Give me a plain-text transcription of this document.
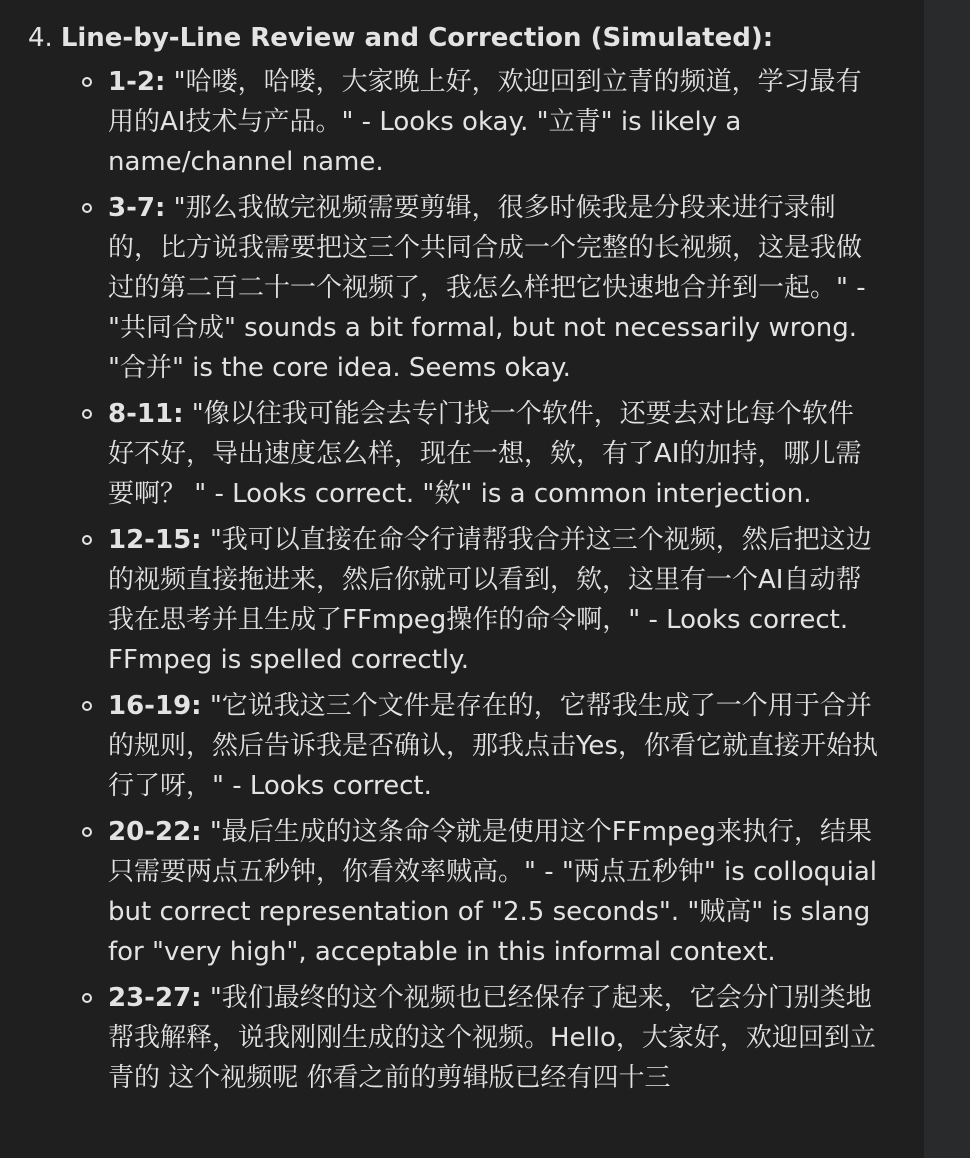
4. Line-by-Line Review and Correction (Simulated):
1-2: "哈喽，哈喽，大家晚上好，欢迎回到立青的频道，学习最有用的AI技术与产品。" - Looks okay. "立青" is likely a name/channel name.
3-7: "那么我做完视频需要剪辑，很多时候我是分段来进行录制的，比方说我需要把这三个共同合成一个完整的长视频，这是我做过的第二百二十一个视频了，我怎么样把它快速地合并到一起。" - "共同合成" sounds a bit formal, but not necessarily wrong. "合并" is the core idea. Seems okay.
8-11: "像以往我可能会去专门找一个软件，还要去对比每个软件好不好，导出速度怎么样，现在一想，欸，有了AI的加持，哪儿需要啊？ " - Looks correct. "欸" is a common interjection.
12-15: "我可以直接在命令行请帮我合并这三个视频，然后把这边的视频直接拖进来，然后你就可以看到，欸，这里有一个AI自动帮我在思考并且生成了FFmpeg操作的命令啊，" - Looks correct. FFmpeg is spelled correctly.
16-19: "它说我这三个文件是存在的，它帮我生成了一个用于合并的规则，然后告诉我是否确认，那我点击Yes，你看它就直接开始执行了呀，" - Looks correct.
20-22: "最后生成的这条命令就是使用这个FFmpeg来执行，结果只需要两点五秒钟，你看效率贼高。" - "两点五秒钟" is colloquial but correct representation of "2.5 seconds". "贼高" is slang for "very high", acceptable in this informal context.
23-27: "我们最终的这个视频也已经保存了起来，它会分门别类地帮我解释，说我刚刚生成的这个视频。Hello，大家好，欢迎回到立青的 这个视频呢 你看之前的剪辑版已经有四十三
